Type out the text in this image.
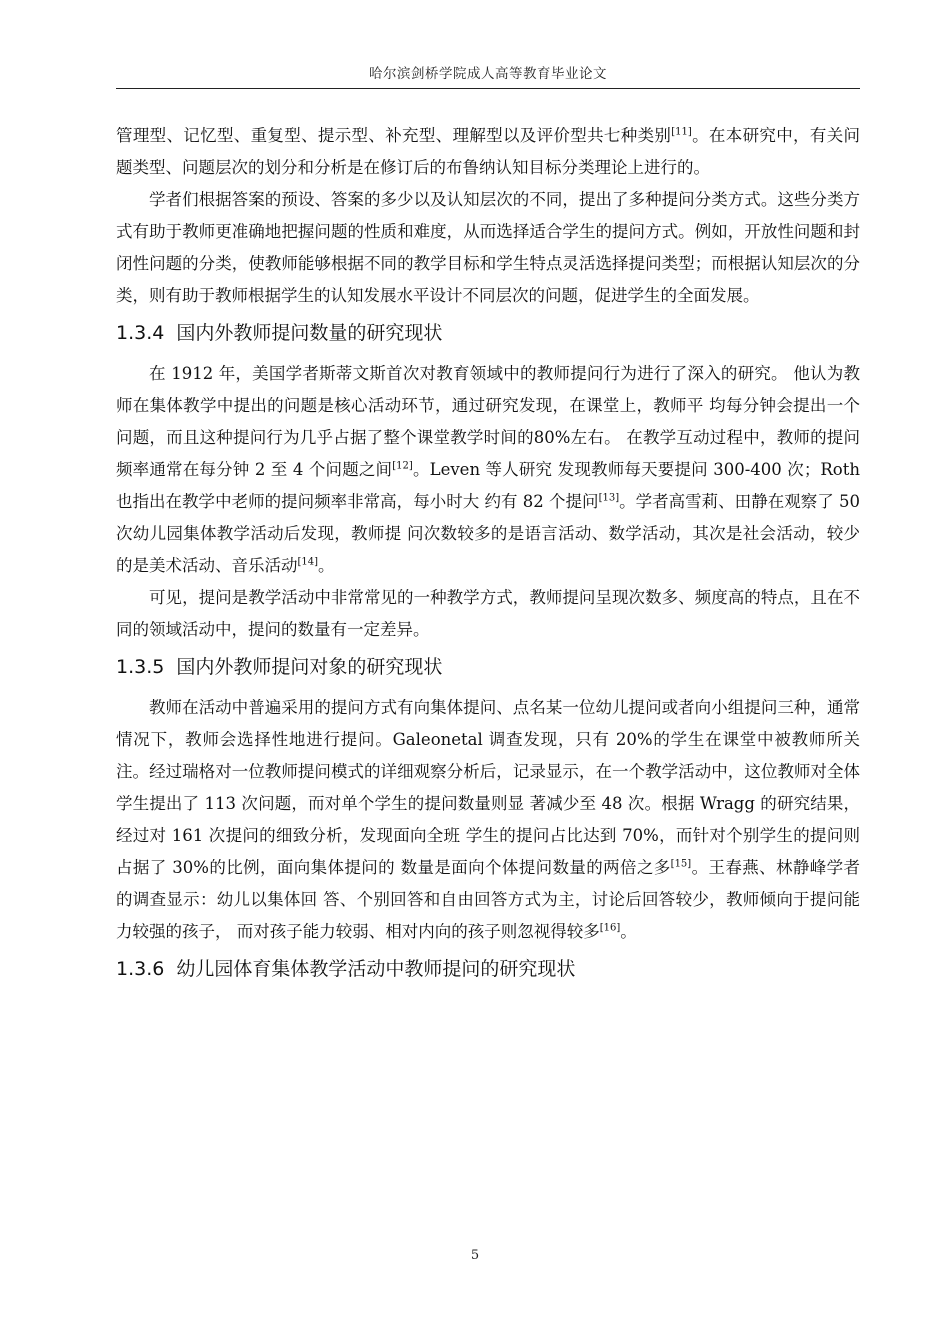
哈尔滨剑桥学院成人高等教育毕业论文

管理型、记忆型、重复型、提示型、补充型、理解型以及评价型共七种类别[11]。在本研究中，有关问题类型、问题层次的划分和分析是在修订后的布鲁纳认知目标分类理论上进行的。

学者们根据答案的预设、答案的多少以及认知层次的不同，提出了多种提问分类方式。这些分类方式有助于教师更准确地把握问题的性质和难度，从而选择适合学生的提问方式。例如，开放性问题和封闭性问题的分类，使教师能够根据不同的教学目标和学生特点灵活选择提问类型；而根据认知层次的分类，则有助于教师根据学生的认知发展水平设计不同层次的问题，促进学生的全面发展。

1.3.4 国内外教师提问数量的研究现状

在 1912 年，美国学者斯蒂文斯首次对教育领域中的教师提问行为进行了深入的研究。 他认为教师在集体教学中提出的问题是核心活动环节，通过研究发现，在课堂上，教师平 均每分钟会提出一个问题，而且这种提问行为几乎占据了整个课堂教学时间的80%左右。 在教学互动过程中，教师的提问频率通常在每分钟 2 至 4 个问题之间[12]。Leven 等人研究 发现教师每天要提问 300-400 次；Roth 也指出在教学中老师的提问频率非常高，每小时大 约有 82 个提问[13]。学者高雪莉、田静在观察了 50 次幼儿园集体教学活动后发现，教师提 问次数较多的是语言活动、数学活动，其次是社会活动，较少的是美术活动、音乐活动[14]。

可见，提问是教学活动中非常常见的一种教学方式，教师提问呈现次数多、频度高的特点，且在不同的领域活动中，提问的数量有一定差异。

1.3.5 国内外教师提问对象的研究现状

教师在活动中普遍采用的提问方式有向集体提问、点名某一位幼儿提问或者向小组提问三种，通常情况下，教师会选择性地进行提问。Galeonetal 调查发现，只有 20%的学生在课堂中被教师所关注。经过瑞格对一位教师提问模式的详细观察分析后，记录显示，在一个教学活动中，这位教师对全体学生提出了 113 次问题，而对单个学生的提问数量则显 著减少至 48 次。根据 Wragg 的研究结果，经过对 161 次提问的细致分析，发现面向全班 学生的提问占比达到 70%，而针对个别学生的提问则占据了 30%的比例，面向集体提问的 数量是面向个体提问数量的两倍之多[15]。王春燕、林静峰学者的调查显示：幼儿以集体回 答、个别回答和自由回答方式为主，讨论后回答较少，教师倾向于提问能力较强的孩子， 而对孩子能力较弱、相对内向的孩子则忽视得较多[16]。

1.3.6 幼儿园体育集体教学活动中教师提问的研究现状
5
